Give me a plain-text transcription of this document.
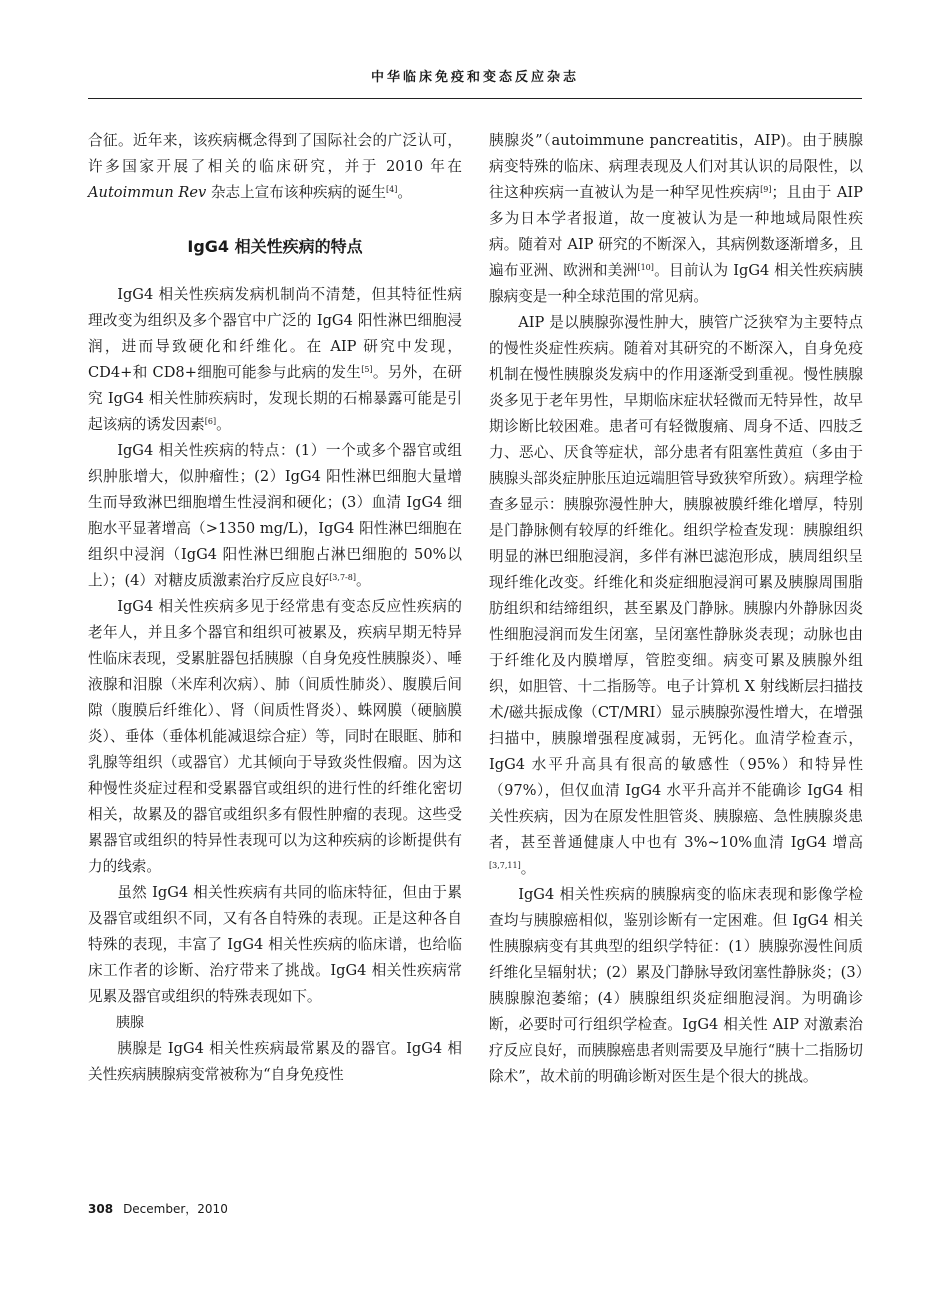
中华临床免疫和变态反应杂志

合征。近年来，该疾病概念得到了国际社会的广泛认可，许多国家开展了相关的临床研究，并于 2010 年在 Autoimmun Rev 杂志上宣布该种疾病的诞生[4]。

IgG4 相关性疾病的特点

IgG4 相关性疾病发病机制尚不清楚，但其特征性病理改变为组织及多个器官中广泛的 IgG4 阳性淋巴细胞浸润，进而导致硬化和纤维化。在 AIP 研究中发现，CD4+和 CD8+细胞可能参与此病的发生[5]。另外，在研究 IgG4 相关性肺疾病时，发现长期的石棉暴露可能是引起该病的诱发因素[6]。

IgG4 相关性疾病的特点：(1）一个或多个器官或组织肿胀增大，似肿瘤性；(2）IgG4 阳性淋巴细胞大量增生而导致淋巴细胞增生性浸润和硬化；(3）血清 IgG4 细胞水平显著增高（>1350 mg/L)，IgG4 阳性淋巴细胞在组织中浸润（IgG4 阳性淋巴细胞占淋巴细胞的 50%以上）；(4）对糖皮质激素治疗反应良好[3,7-8]。

IgG4 相关性疾病多见于经常患有变态反应性疾病的老年人，并且多个器官和组织可被累及，疾病早期无特异性临床表现，受累脏器包括胰腺（自身免疫性胰腺炎）、唾液腺和泪腺（米库利次病）、肺（间质性肺炎）、腹膜后间隙（腹膜后纤维化）、肾（间质性肾炎）、蛛网膜（硬脑膜炎）、垂体（垂体机能减退综合症）等，同时在眼眶、肺和乳腺等组织（或器官）尤其倾向于导致炎性假瘤。因为这种慢性炎症过程和受累器官或组织的进行性的纤维化密切相关，故累及的器官或组织多有假性肿瘤的表现。这些受累器官或组织的特异性表现可以为这种疾病的诊断提供有力的线索。

虽然 IgG4 相关性疾病有共同的临床特征，但由于累及器官或组织不同，又有各自特殊的表现。正是这种各自特殊的表现，丰富了 IgG4 相关性疾病的临床谱，也给临床工作者的诊断、治疗带来了挑战。IgG4 相关性疾病常见累及器官或组织的特殊表现如下。

胰腺

胰腺是 IgG4 相关性疾病最常累及的器官。IgG4 相关性疾病胰腺病变常被称为“自身免疫性

胰腺炎”（autoimmune pancreatitis，AIP)。由于胰腺病变特殊的临床、病理表现及人们对其认识的局限性，以往这种疾病一直被认为是一种罕见性疾病[9]；且由于 AIP 多为日本学者报道，故一度被认为是一种地域局限性疾病。随着对 AIP 研究的不断深入，其病例数逐渐增多，且遍布亚洲、欧洲和美洲[10]。目前认为 IgG4 相关性疾病胰腺病变是一种全球范围的常见病。

AIP 是以胰腺弥漫性肿大，胰管广泛狭窄为主要特点的慢性炎症性疾病。随着对其研究的不断深入，自身免疫机制在慢性胰腺炎发病中的作用逐渐受到重视。慢性胰腺炎多见于老年男性，早期临床症状轻微而无特异性，故早期诊断比较困难。患者可有轻微腹痛、周身不适、四肢乏力、恶心、厌食等症状，部分患者有阻塞性黄疸（多由于胰腺头部炎症肿胀压迫远端胆管导致狭窄所致）。病理学检查多显示：胰腺弥漫性肿大，胰腺被膜纤维化增厚，特别是门静脉侧有较厚的纤维化。组织学检查发现：胰腺组织明显的淋巴细胞浸润，多伴有淋巴滤泡形成，胰周组织呈现纤维化改变。纤维化和炎症细胞浸润可累及胰腺周围脂肪组织和结缔组织，甚至累及门静脉。胰腺内外静脉因炎性细胞浸润而发生闭塞，呈闭塞性静脉炎表现；动脉也由于纤维化及内膜增厚，管腔变细。病变可累及胰腺外组织，如胆管、十二指肠等。电子计算机 X 射线断层扫描技术/磁共振成像（CT/MRI）显示胰腺弥漫性增大，在增强扫描中，胰腺增强程度减弱，无钙化。血清学检查示，IgG4 水平升高具有很高的敏感性（95%）和特异性（97%），但仅血清 IgG4 水平升高并不能确诊 IgG4 相关性疾病，因为在原发性胆管炎、胰腺癌、急性胰腺炎患者，甚至普通健康人中也有 3%~10%血清 IgG4 增高[3,7,11]。

IgG4 相关性疾病的胰腺病变的临床表现和影像学检查均与胰腺癌相似，鉴别诊断有一定困难。但 IgG4 相关性胰腺病变有其典型的组织学特征：(1）胰腺弥漫性间质纤维化呈辐射状；(2）累及门静脉导致闭塞性静脉炎；(3）胰腺腺泡萎缩；(4）胰腺组织炎症细胞浸润。为明确诊断，必要时可行组织学检查。IgG4 相关性 AIP 对激素治疗反应良好，而胰腺癌患者则需要及早施行“胰十二指肠切除术”，故术前的明确诊断对医生是个很大的挑战。

308 December，2010
